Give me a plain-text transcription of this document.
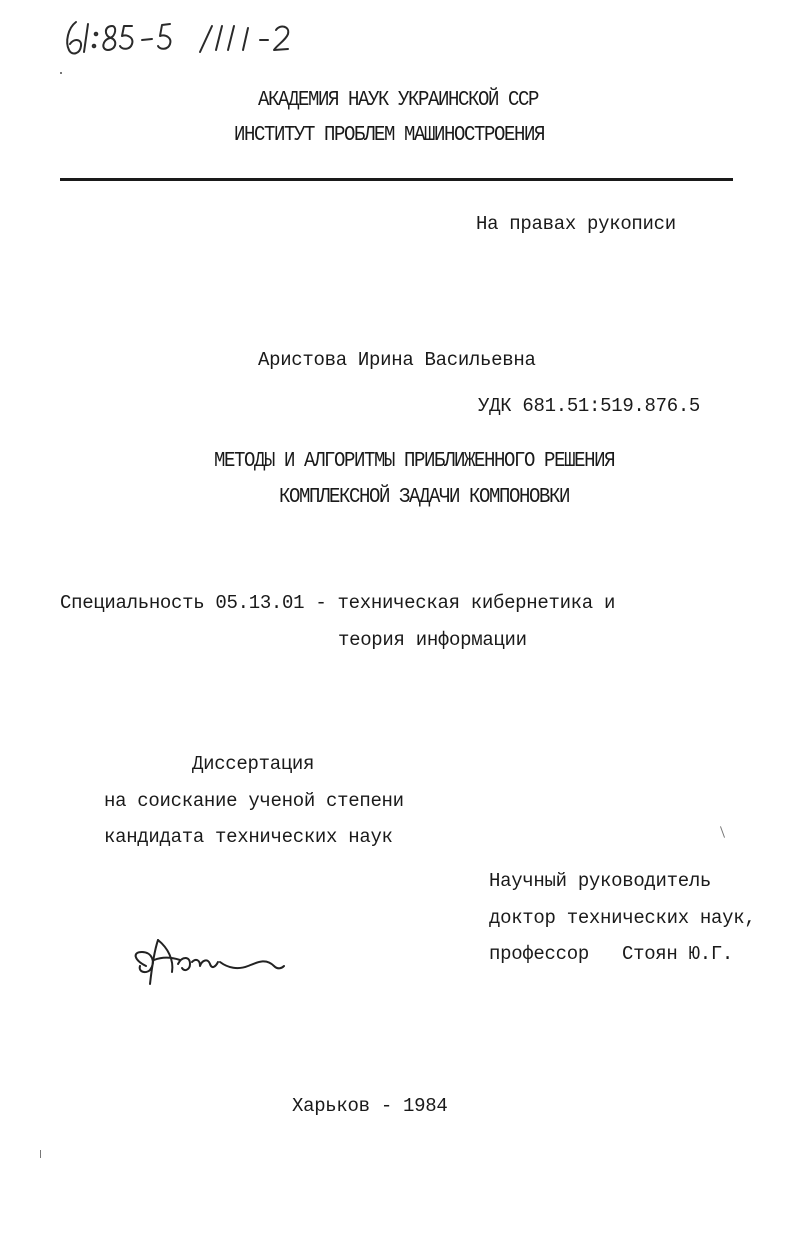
АКАДЕМИЯ НАУК УКРАИНСКОЙ ССР
ИНСТИТУТ ПРОБЛЕМ МАШИНОСТРОЕНИЯ
На правах рукописи
Аристова Ирина Васильевна
УДК 681.51:519.876.5
МЕТОДЫ И АЛГОРИТМЫ ПРИБЛИЖЕННОГО РЕШЕНИЯ
КОМПЛЕКСНОЙ ЗАДАЧИ КОМПОНОВКИ
Специальность 05.13.01 - техническая кибернетика и
теория информации
Диссертация
на соискание ученой степени
кандидата технических наук
Научный руководитель
доктор технических наук,
профессор Стоян Ю.Г.
Харьков - 1984
